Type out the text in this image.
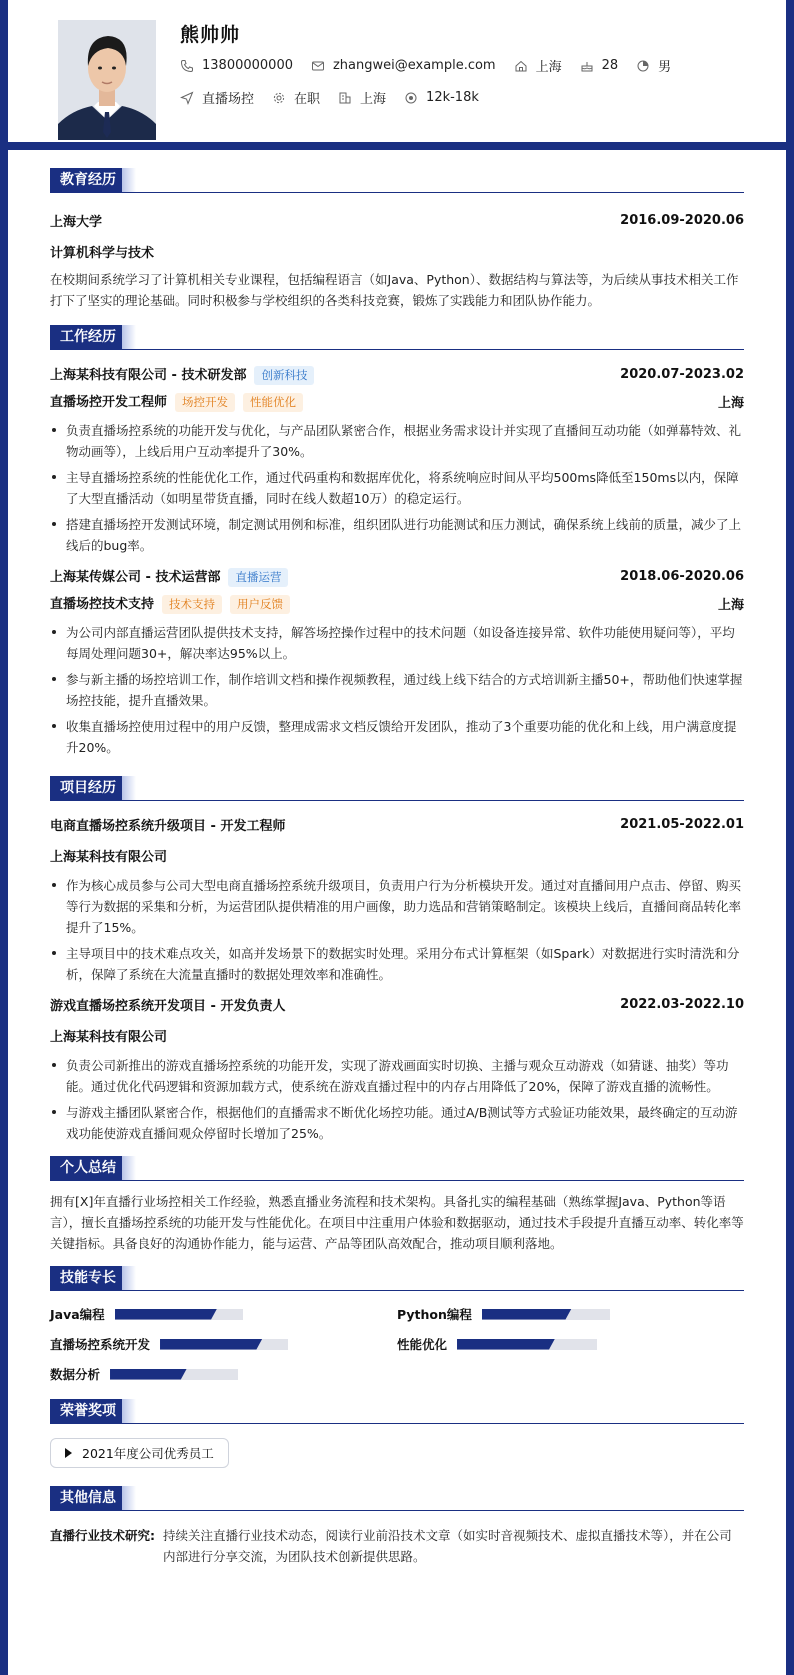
熊帅帅
13800000000	zhangwei@example.com	上海	28	男
直播场控	在职	上海	12k-18k
教育经历
上海大学	2016.09-2020.06
计算机科学与技术
在校期间系统学习了计算机相关专业课程，包括编程语言（如Java、Python）、数据结构与算法等，为后续从事技术相关工作打下了坚实的理论基础。同时积极参与学校组织的各类科技竞赛，锻炼了实践能力和团队协作能力。
工作经历
上海某科技有限公司 - 技术研发部 创新科技	2020.07-2023.02
直播场控开发工程师 场控开发 性能优化	上海
负责直播场控系统的功能开发与优化，与产品团队紧密合作，根据业务需求设计并实现了直播间互动功能（如弹幕特效、礼物动画等），上线后用户互动率提升了30%。
主导直播场控系统的性能优化工作，通过代码重构和数据库优化，将系统响应时间从平均500ms降低至150ms以内，保障了大型直播活动（如明星带货直播，同时在线人数超10万）的稳定运行。
搭建直播场控开发测试环境，制定测试用例和标准，组织团队进行功能测试和压力测试，确保系统上线前的质量，减少了上线后的bug率。
上海某传媒公司 - 技术运营部 直播运营	2018.06-2020.06
直播场控技术支持 技术支持 用户反馈	上海
为公司内部直播运营团队提供技术支持，解答场控操作过程中的技术问题（如设备连接异常、软件功能使用疑问等），平均每周处理问题30+，解决率达95%以上。
参与新主播的场控培训工作，制作培训文档和操作视频教程，通过线上线下结合的方式培训新主播50+，帮助他们快速掌握场控技能，提升直播效果。
收集直播场控使用过程中的用户反馈，整理成需求文档反馈给开发团队，推动了3个重要功能的优化和上线，用户满意度提升20%。
项目经历
电商直播场控系统升级项目 - 开发工程师	2021.05-2022.01
上海某科技有限公司
作为核心成员参与公司大型电商直播场控系统升级项目，负责用户行为分析模块开发。通过对直播间用户点击、停留、购买等行为数据的采集和分析，为运营团队提供精准的用户画像，助力选品和营销策略制定。该模块上线后，直播间商品转化率提升了15%。
主导项目中的技术难点攻关，如高并发场景下的数据实时处理。采用分布式计算框架（如Spark）对数据进行实时清洗和分析，保障了系统在大流量直播时的数据处理效率和准确性。
游戏直播场控系统开发项目 - 开发负责人	2022.03-2022.10
上海某科技有限公司
负责公司新推出的游戏直播场控系统的功能开发，实现了游戏画面实时切换、主播与观众互动游戏（如猜谜、抽奖）等功能。通过优化代码逻辑和资源加载方式，使系统在游戏直播过程中的内存占用降低了20%，保障了游戏直播的流畅性。
与游戏主播团队紧密合作，根据他们的直播需求不断优化场控功能。通过A/B测试等方式验证功能效果，最终确定的互动游戏功能使游戏直播间观众停留时长增加了25%。
个人总结
拥有[X]年直播行业场控相关工作经验，熟悉直播业务流程和技术架构。具备扎实的编程基础（熟练掌握Java、Python等语言），擅长直播场控系统的功能开发与性能优化。在项目中注重用户体验和数据驱动，通过技术手段提升直播互动率、转化率等关键指标。具备良好的沟通协作能力，能与运营、产品等团队高效配合，推动项目顺利落地。
技能专长
Java编程	Python编程
直播场控系统开发	性能优化
数据分析
荣誉奖项
2021年度公司优秀员工
其他信息
直播行业技术研究: 持续关注直播行业技术动态，阅读行业前沿技术文章（如实时音视频技术、虚拟直播技术等），并在公司内部进行分享交流，为团队技术创新提供思路。
